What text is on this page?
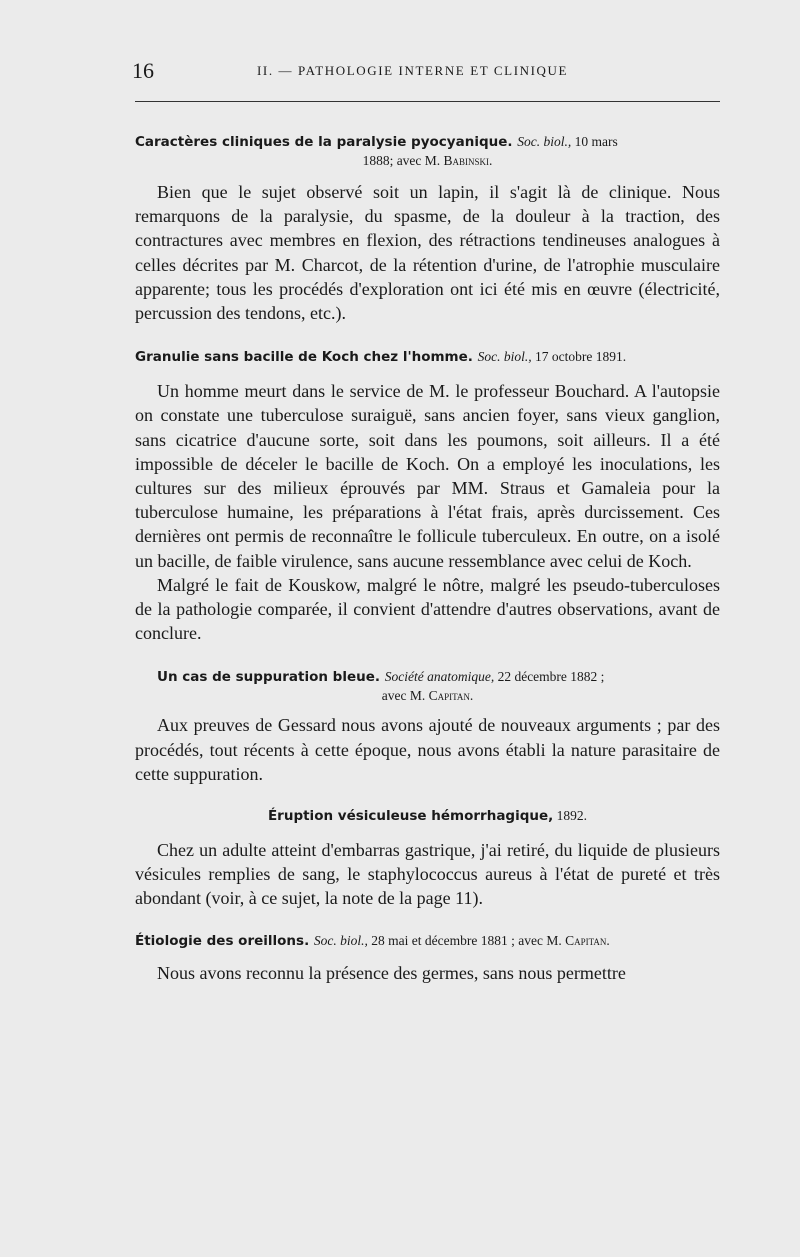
16	II. — PATHOLOGIE INTERNE ET CLINIQUE
Caractères cliniques de la paralysie pyocyanique. Soc. biol., 10 mars
1888; avec M. Babinski.

Bien que le sujet observé soit un lapin, il s'agit là de clinique. Nous remarquons de la paralysie, du spasme, de la douleur à la traction, des contractures avec membres en flexion, des rétractions tendineuses analogues à celles décrites par M. Charcot, de la rétention d'urine, de l'atrophie musculaire apparente; tous les procédés d'exploration ont ici été mis en œuvre (électricité, percussion des tendons, etc.).

Granulie sans bacille de Koch chez l'homme. Soc. biol., 17 octobre 1891.

Un homme meurt dans le service de M. le professeur Bouchard. A l'autopsie on constate une tuberculose suraiguë, sans ancien foyer, sans vieux ganglion, sans cicatrice d'aucune sorte, soit dans les poumons, soit ailleurs. Il a été impossible de déceler le bacille de Koch. On a employé les inoculations, les cultures sur des milieux éprouvés par MM. Straus et Gamaleia pour la tuberculose humaine, les préparations à l'état frais, après durcissement. Ces dernières ont permis de reconnaître le follicule tuberculeux. En outre, on a isolé un bacille, de faible virulence, sans aucune ressemblance avec celui de Koch.

Malgré le fait de Kouskow, malgré le nôtre, malgré les pseudo-tuberculoses de la pathologie comparée, il convient d'attendre d'autres observations, avant de conclure.

Un cas de suppuration bleue. Société anatomique, 22 décembre 1882 ;
avec M. Capitan.

Aux preuves de Gessard nous avons ajouté de nouveaux arguments ; par des procédés, tout récents à cette époque, nous avons établi la nature parasitaire de cette suppuration.

Éruption vésiculeuse hémorrhagique, 1892.

Chez un adulte atteint d'embarras gastrique, j'ai retiré, du liquide de plusieurs vésicules remplies de sang, le staphylococcus aureus à l'état de pureté et très abondant (voir, à ce sujet, la note de la page 11).

Étiologie des oreillons. Soc. biol., 28 mai et décembre 1881 ; avec M. Capitan.

Nous avons reconnu la présence des germes, sans nous permettre
